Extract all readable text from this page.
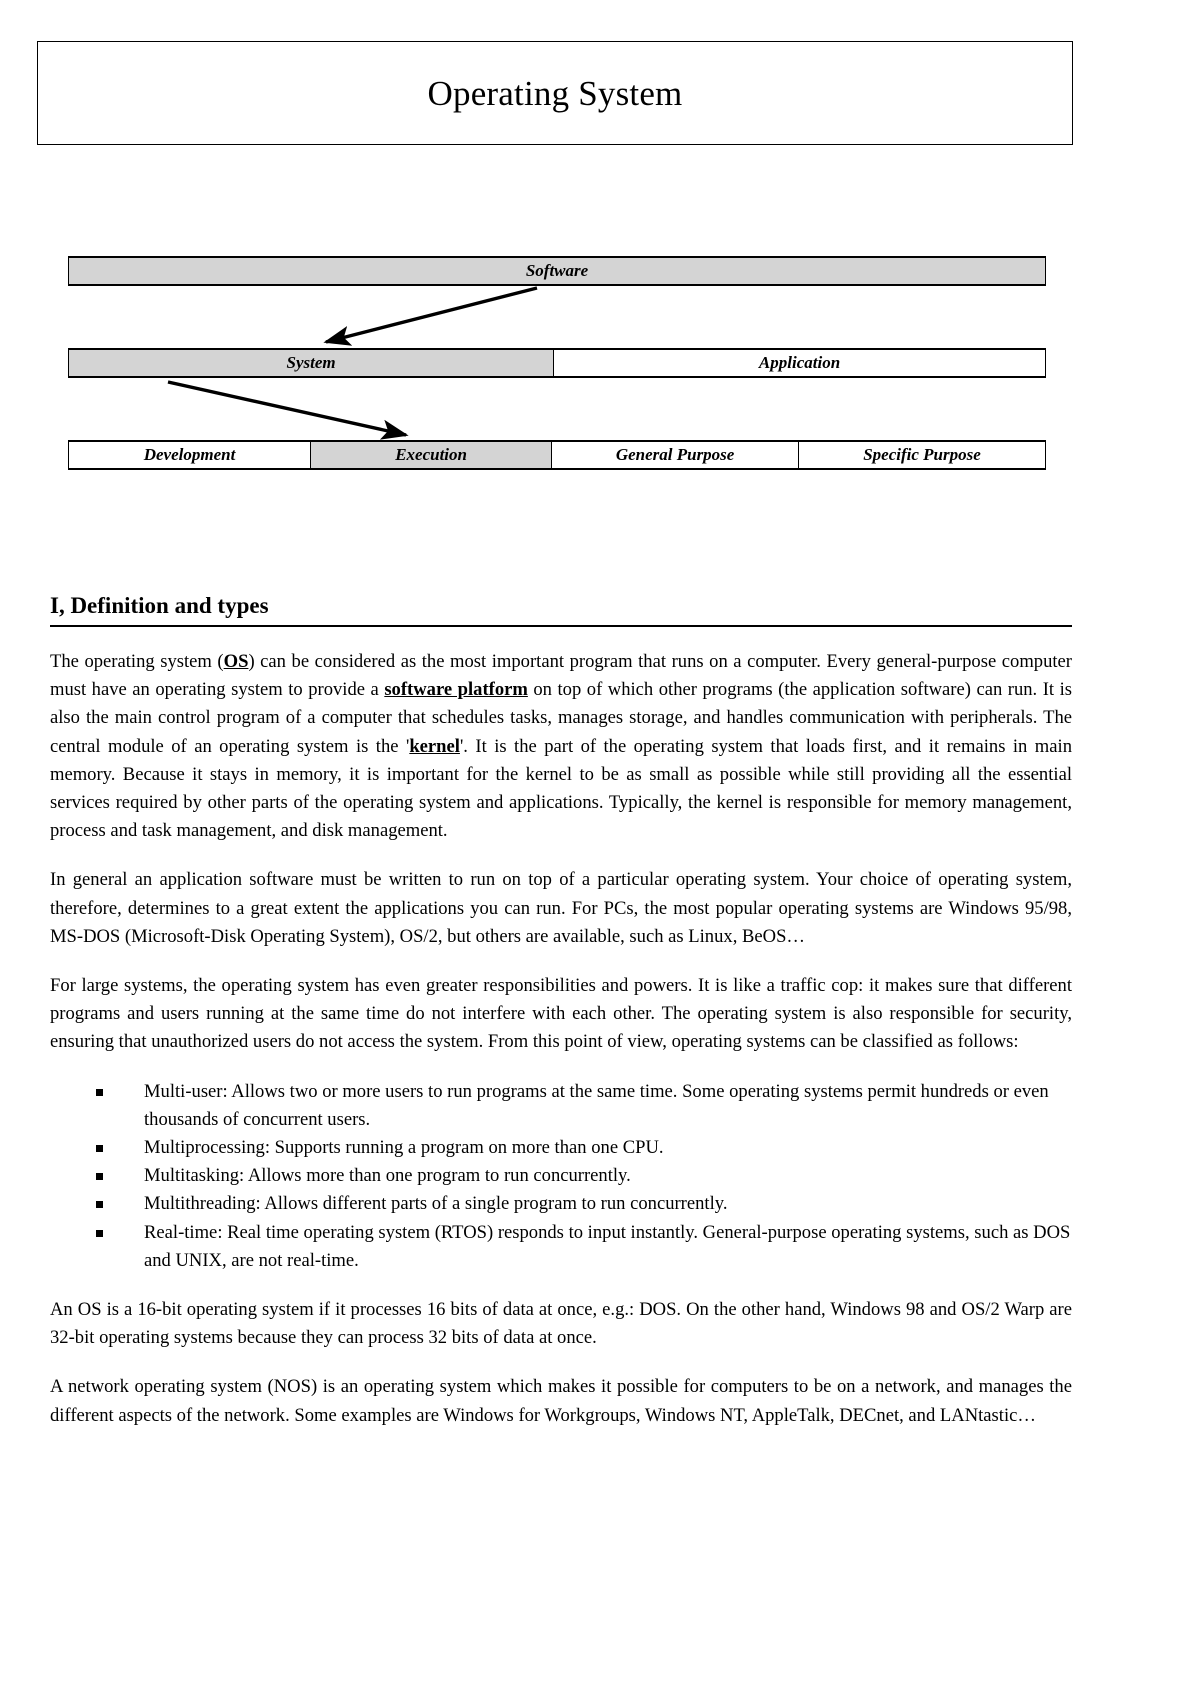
Operating System
Software
System	Application
Development	Execution	General Purpose	Specific Purpose
I, Definition and types

The operating system (OS) can be considered as the most important program that runs on a computer. Every general-purpose computer must have an operating system to provide a software platform on top of which other programs (the application software) can run. It is also the main control program of a computer that schedules tasks, manages storage, and handles communication with peripherals. The central module of an operating system is the 'kernel'. It is the part of the operating system that loads first, and it remains in main memory. Because it stays in memory, it is important for the kernel to be as small as possible while still providing all the essential services required by other parts of the operating system and applications. Typically, the kernel is responsible for memory management, process and task management, and disk management.

In general an application software must be written to run on top of a particular operating system. Your choice of operating system, therefore, determines to a great extent the applications you can run. For PCs, the most popular operating systems are Windows 95/98, MS-DOS (Microsoft-Disk Operating System), OS/2, but others are available, such as Linux, BeOS…

For large systems, the operating system has even greater responsibilities and powers. It is like a traffic cop: it makes sure that different programs and users running at the same time do not interfere with each other. The operating system is also responsible for security, ensuring that unauthorized users do not access the system. From this point of view, operating systems can be classified as follows:

Multi-user: Allows two or more users to run programs at the same time. Some operating systems permit hundreds or even thousands of concurrent users.
Multiprocessing: Supports running a program on more than one CPU.
Multitasking: Allows more than one program to run concurrently.
Multithreading: Allows different parts of a single program to run concurrently.
Real-time: Real time operating system (RTOS) responds to input instantly. General-purpose operating systems, such as DOS and UNIX, are not real-time.

An OS is a 16-bit operating system if it processes 16 bits of data at once, e.g.: DOS. On the other hand, Windows 98 and OS/2 Warp are 32-bit operating systems because they can process 32 bits of data at once.

A network operating system (NOS) is an operating system which makes it possible for computers to be on a network, and manages the different aspects of the network. Some examples are Windows for Workgroups, Windows NT, AppleTalk, DECnet, and LANtastic…
